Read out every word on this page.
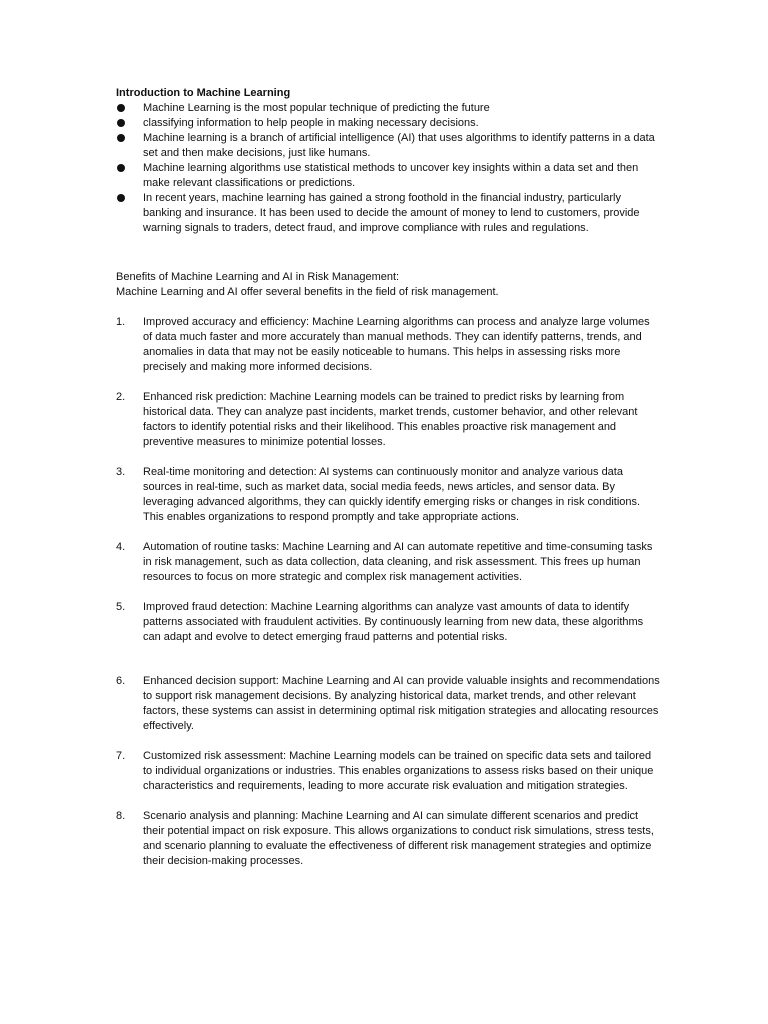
Introduction to Machine Learning

Machine Learning is the most popular technique of predicting the future
classifying information to help people in making necessary decisions.
Machine learning is a branch of artificial intelligence (AI) that uses algorithms to identify patterns in a data set and then make decisions, just like humans.
Machine learning algorithms use statistical methods to uncover key insights within a data set and then make relevant classifications or predictions.
In recent years, machine learning has gained a strong foothold in the financial industry, particularly banking and insurance. It has been used to decide the amount of money to lend to customers, provide warning signals to traders, detect fraud, and improve compliance with rules and regulations.

Benefits of Machine Learning and AI in Risk Management:

Machine Learning and AI offer several benefits in the field of risk management.

1. Improved accuracy and efficiency: Machine Learning algorithms can process and analyze large volumes of data much faster and more accurately than manual methods. They can identify patterns, trends, and anomalies in data that may not be easily noticeable to humans. This helps in assessing risks more precisely and making more informed decisions.
2. Enhanced risk prediction: Machine Learning models can be trained to predict risks by learning from historical data. They can analyze past incidents, market trends, customer behavior, and other relevant factors to identify potential risks and their likelihood. This enables proactive risk management and preventive measures to minimize potential losses.
3. Real-time monitoring and detection: AI systems can continuously monitor and analyze various data sources in real-time, such as market data, social media feeds, news articles, and sensor data. By leveraging advanced algorithms, they can quickly identify emerging risks or changes in risk conditions. This enables organizations to respond promptly and take appropriate actions.
4. Automation of routine tasks: Machine Learning and AI can automate repetitive and time-consuming tasks in risk management, such as data collection, data cleaning, and risk assessment. This frees up human resources to focus on more strategic and complex risk management activities.
5. Improved fraud detection: Machine Learning algorithms can analyze vast amounts of data to identify patterns associated with fraudulent activities. By continuously learning from new data, these algorithms can adapt and evolve to detect emerging fraud patterns and potential risks.
6. Enhanced decision support: Machine Learning and AI can provide valuable insights and recommendations to support risk management decisions. By analyzing historical data, market trends, and other relevant factors, these systems can assist in determining optimal risk mitigation strategies and allocating resources effectively.
7. Customized risk assessment: Machine Learning models can be trained on specific data sets and tailored to individual organizations or industries. This enables organizations to assess risks based on their unique characteristics and requirements, leading to more accurate risk evaluation and mitigation strategies.
8. Scenario analysis and planning: Machine Learning and AI can simulate different scenarios and predict their potential impact on risk exposure. This allows organizations to conduct risk simulations, stress tests, and scenario planning to evaluate the effectiveness of different risk management strategies and optimize their decision-making processes.
